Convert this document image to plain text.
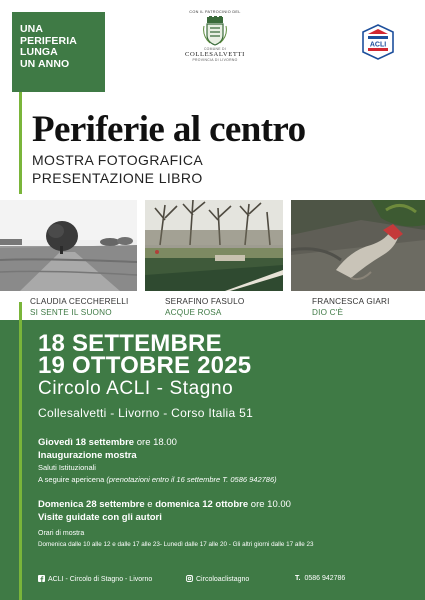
UNA
PERIFERIA
LUNGA
UN ANNO
CON IL PATROCINIO DEL
COMUNE DI
COLLESALVETTI
PROVINCIA DI LIVORNO
ACLI
Periferie al centro
MOSTRA FOTOGRAFICA
PRESENTAZIONE LIBRO
CLAUDIA CECCHERELLI
SI SENTE IL SUONO
SERAFINO FASULO
ACQUE ROSA
FRANCESCA GIARI
DIO C'È
18 SETTEMBRE
19 OTTOBRE 2025
Circolo ACLI - Stagno
Collesalvetti - Livorno - Corso Italia 51
Giovedì 18 settembre ore 18.00
Inaugurazione mostra
Saluti Istituzionali
A seguire apericena (prenotazioni entro il 16 settembre T. 0586 942786)
Domenica 28 settembre e domenica 12 ottobre ore 10.00
Visite guidate con gli autori
Orari di mostra
Domenica dalle 10 alle 12 e dalle 17 alle 23- Lunedì dalle 17 alle 20 - Gli altri giorni dalle 17 alle 23
ACLI - Circolo di Stagno - Livorno	Circoloaclistagno	T. 0586 942786
